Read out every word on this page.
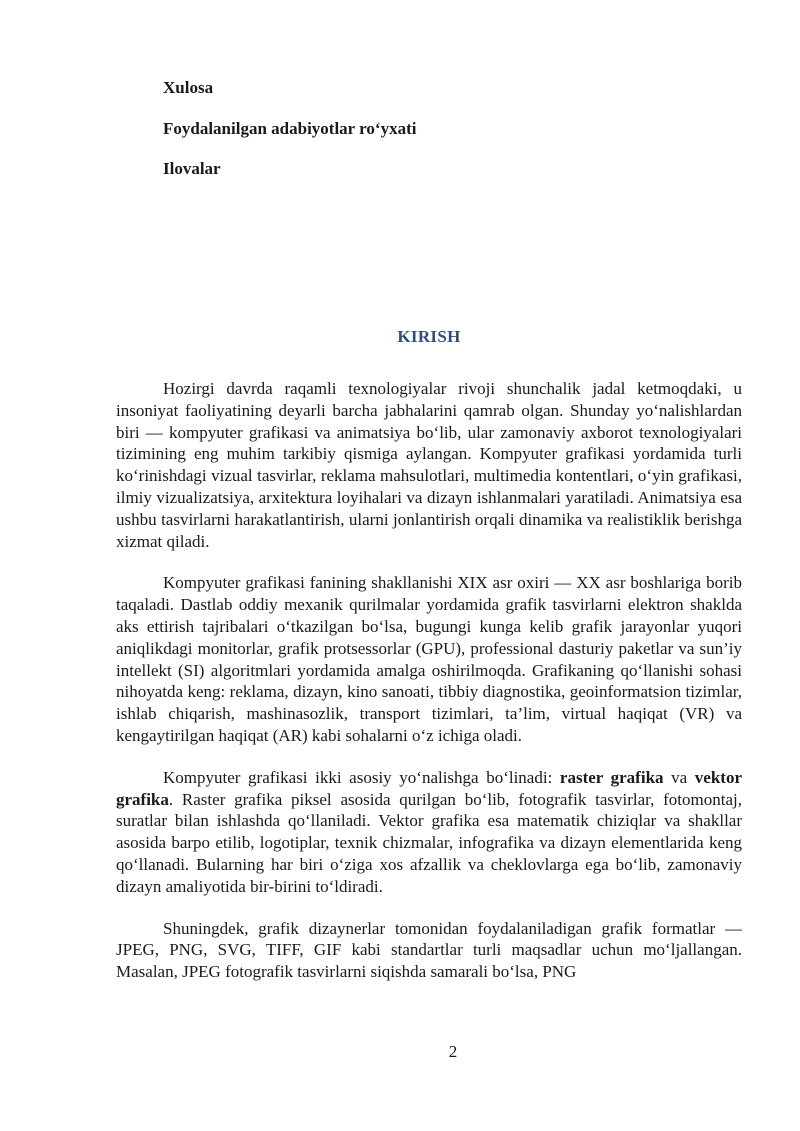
Xulosa

Foydalanilgan adabiyotlar ro‘yxati

Ilovalar

KIRISH

Hozirgi davrda raqamli texnologiyalar rivoji shunchalik jadal ketmoqdaki, u insoniyat faoliyatining deyarli barcha jabhalarini qamrab olgan. Shunday yo‘nalishlardan biri — kompyuter grafikasi va animatsiya bo‘lib, ular zamonaviy axborot texnologiyalari tizimining eng muhim tarkibiy qismiga aylangan. Kompyuter grafikasi yordamida turli ko‘rinishdagi vizual tasvirlar, reklama mahsulotlari, multimedia kontentlari, o‘yin grafikasi, ilmiy vizualizatsiya, arxitektura loyihalari va dizayn ishlanmalari yaratiladi. Animatsiya esa ushbu tasvirlarni harakatlantirish, ularni jonlantirish orqali dinamika va realistiklik berishga xizmat qiladi.

Kompyuter grafikasi fanining shakllanishi XIX asr oxiri — XX asr boshlariga borib taqaladi. Dastlab oddiy mexanik qurilmalar yordamida grafik tasvirlarni elektron shaklda aks ettirish tajribalari o‘tkazilgan bo‘lsa, bugungi kunga kelib grafik jarayonlar yuqori aniqlikdagi monitorlar, grafik protsessorlar (GPU), professional dasturiy paketlar va sun’iy intellekt (SI) algoritmlari yordamida amalga oshirilmoqda. Grafikaning qo‘llanishi sohasi nihoyatda keng: reklama, dizayn, kino sanoati, tibbiy diagnostika, geoinformatsion tizimlar, ishlab chiqarish, mashinasozlik, transport tizimlari, ta’lim, virtual haqiqat (VR) va kengaytirilgan haqiqat (AR) kabi sohalarni o‘z ichiga oladi.

Kompyuter grafikasi ikki asosiy yo‘nalishga bo‘linadi: raster grafika va vektor grafika. Raster grafika piksel asosida qurilgan bo‘lib, fotografik tasvirlar, fotomontaj, suratlar bilan ishlashda qo‘llaniladi. Vektor grafika esa matematik chiziqlar va shakllar asosida barpo etilib, logotiplar, texnik chizmalar, infografika va dizayn elementlarida keng qo‘llanadi. Bularning har biri o‘ziga xos afzallik va cheklovlarga ega bo‘lib, zamonaviy dizayn amaliyotida bir-birini to‘ldiradi.

Shuningdek, grafik dizaynerlar tomonidan foydalaniladigan grafik formatlar — JPEG, PNG, SVG, TIFF, GIF kabi standartlar turli maqsadlar uchun mo‘ljallangan. Masalan, JPEG fotografik tasvirlarni siqishda samarali bo‘lsa, PNG

2
